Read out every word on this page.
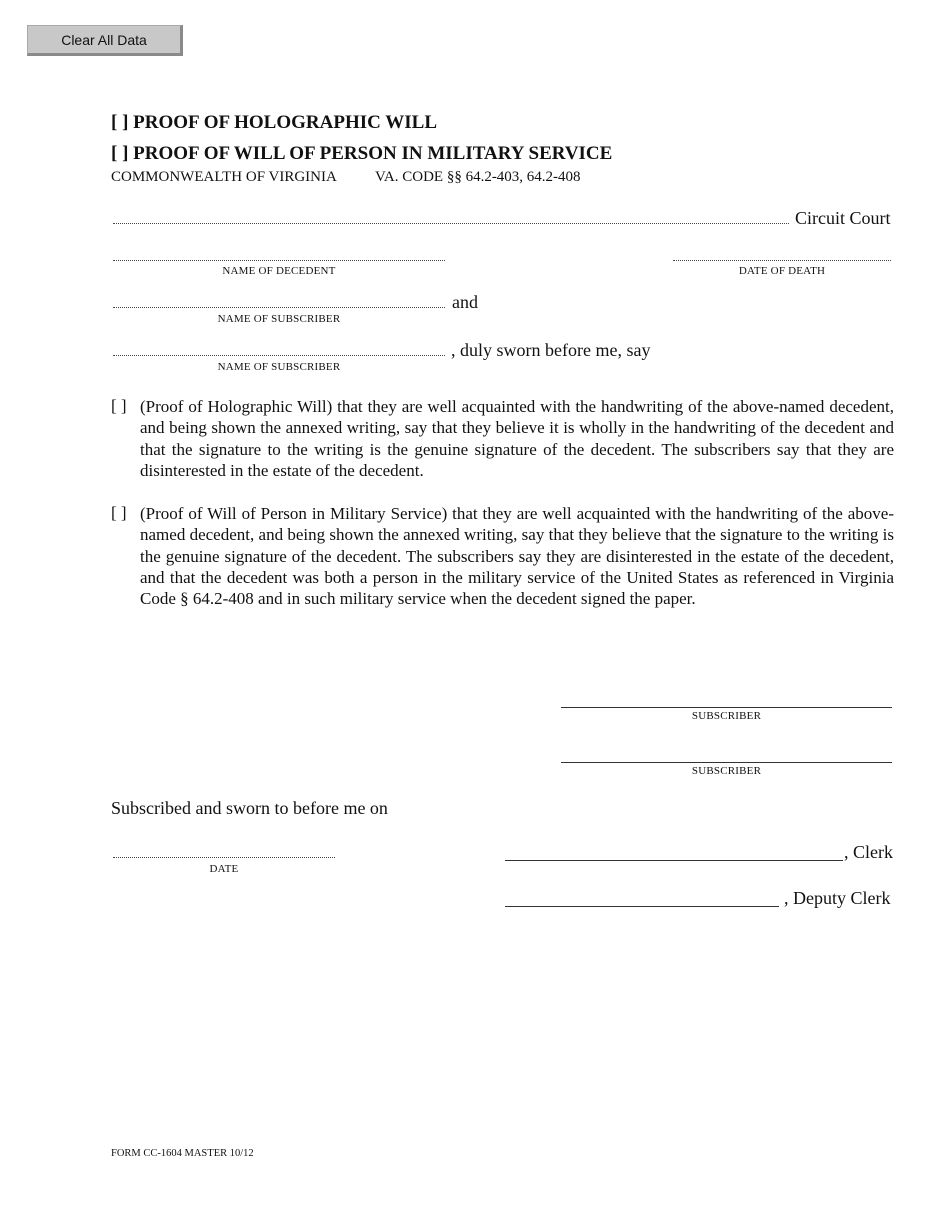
Clear All Data
[ ] PROOF OF HOLOGRAPHIC WILL
[ ] PROOF OF WILL OF PERSON IN MILITARY SERVICE
COMMONWEALTH OF VIRGINIA	VA. CODE §§ 64.2-403, 64.2-408
Circuit Court
NAME OF DECEDENT	DATE OF DEATH
and
NAME OF SUBSCRIBER
, duly sworn before me, say
NAME OF SUBSCRIBER
[ ] (Proof of Holographic Will) that they are well acquainted with the handwriting of the above-named decedent, and being shown the annexed writing, say that they believe it is wholly in the handwriting of the decedent and that the signature to the writing is the genuine signature of the decedent. The subscribers say that they are disinterested in the estate of the decedent.
[ ] (Proof of Will of Person in Military Service) that they are well acquainted with the handwriting of the above-named decedent, and being shown the annexed writing, say that they believe that the signature to the writing is the genuine signature of the decedent. The subscribers say they are disinterested in the estate of the decedent, and that the decedent was both a person in the military service of the United States as referenced in Virginia Code § 64.2-408 and in such military service when the decedent signed the paper.
SUBSCRIBER
SUBSCRIBER
Subscribed and sworn to before me on
DATE
, Clerk
, Deputy Clerk
FORM CC-1604 MASTER 10/12
